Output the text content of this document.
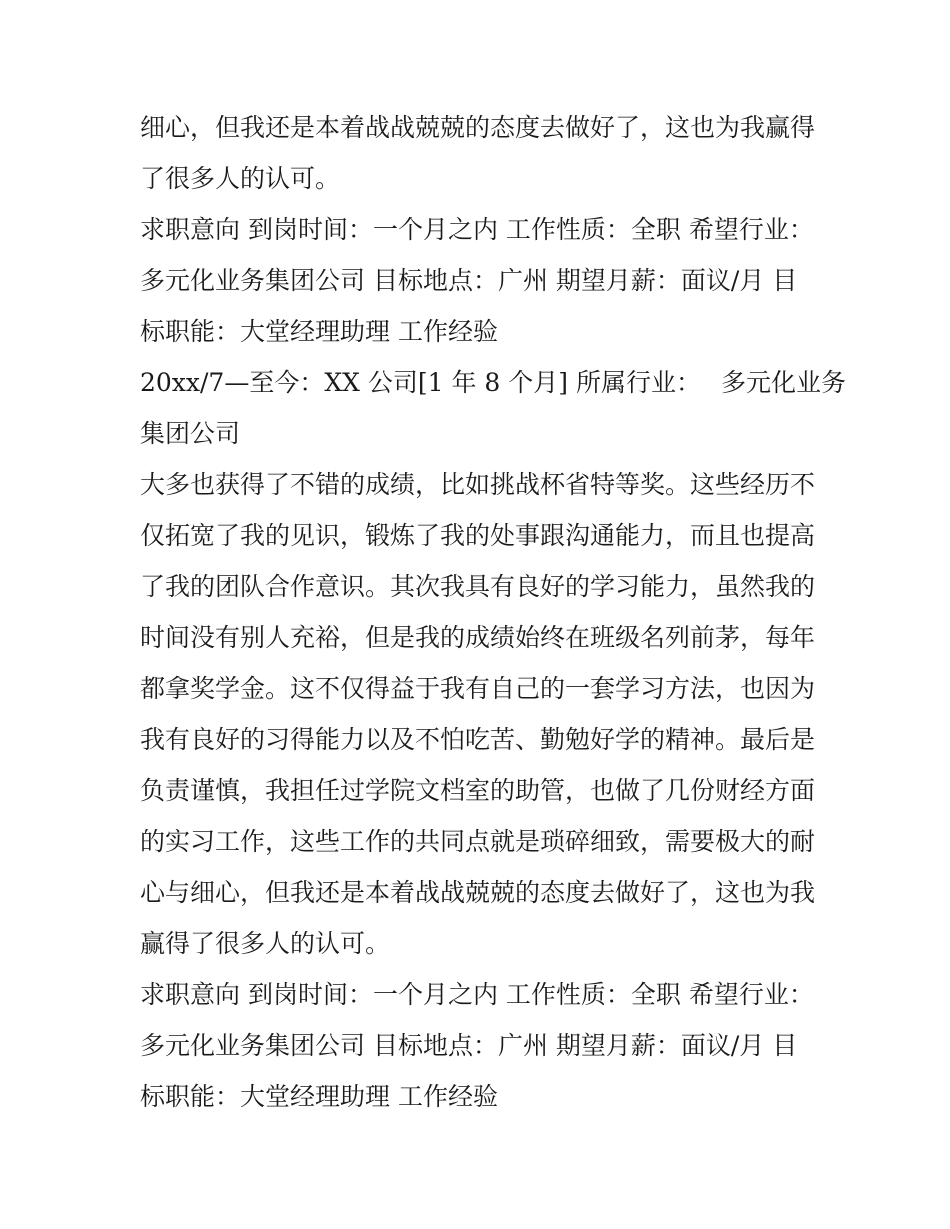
细心，但我还是本着战战兢兢的态度去做好了，这也为我赢得
了很多人的认可。
求职意向 到岗时间：一个月之内 工作性质：全职 希望行业：
多元化业务集团公司 目标地点：广州 期望月薪：面议/月 目
标职能：大堂经理助理 工作经验
20xx/7—至今：XX 公司[1 年 8 个月] 所属行业： 多元化业务
集团公司
大多也获得了不错的成绩，比如挑战杯省特等奖。这些经历不
仅拓宽了我的见识，锻炼了我的处事跟沟通能力，而且也提高
了我的团队合作意识。其次我具有良好的学习能力，虽然我的
时间没有别人充裕，但是我的成绩始终在班级名列前茅，每年
都拿奖学金。这不仅得益于我有自己的一套学习方法，也因为
我有良好的习得能力以及不怕吃苦、勤勉好学的精神。最后是
负责谨慎，我担任过学院文档室的助管，也做了几份财经方面
的实习工作，这些工作的共同点就是琐碎细致，需要极大的耐
心与细心，但我还是本着战战兢兢的态度去做好了，这也为我
赢得了很多人的认可。
求职意向 到岗时间：一个月之内 工作性质：全职 希望行业：
多元化业务集团公司 目标地点：广州 期望月薪：面议/月 目
标职能：大堂经理助理 工作经验
